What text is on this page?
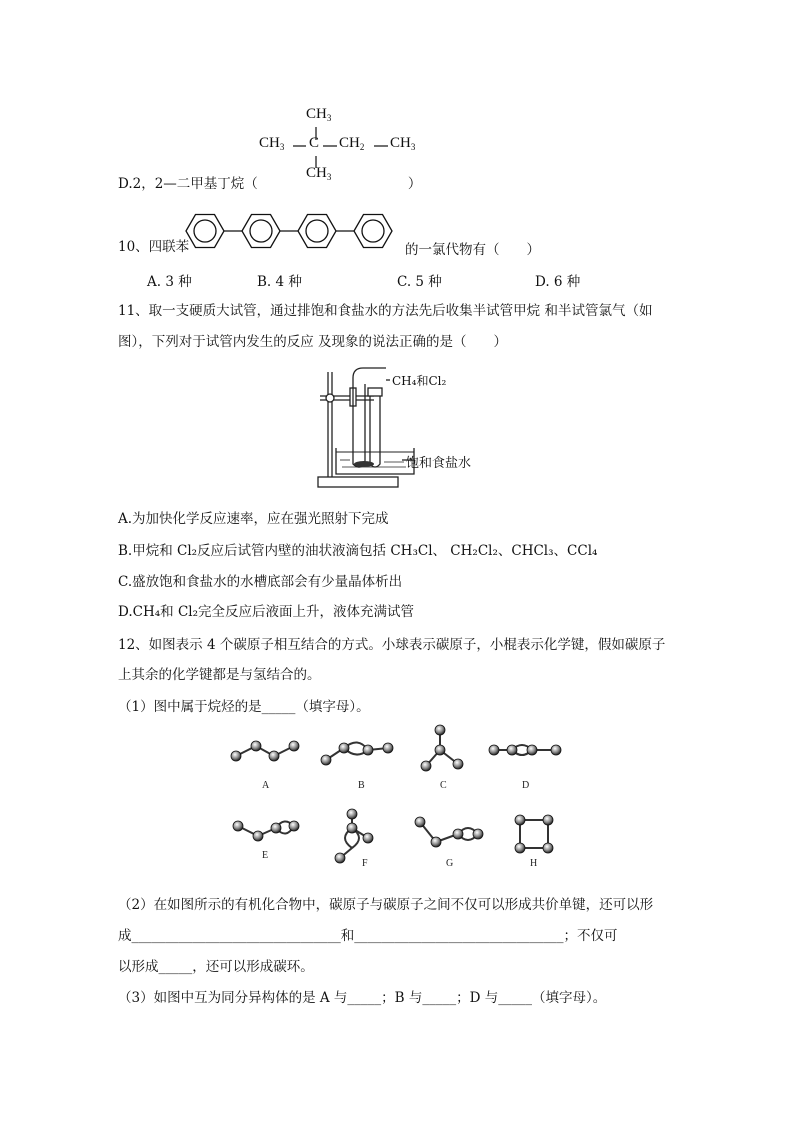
$CH_3$
$CH_3$ C $CH_2$ $CH_3$
$CH_3$
D.2，2—二甲基丁烷（	）
10、四联苯	的一氯代物有（　　）
A. 3 种	B. 4 种	C. 5 种	D. 6 种
11、取一支硬质大试管，通过排饱和食盐水的方法先后收集半试管甲烷 和半试管氯气（如
图），下列对于试管内发生的反应 及现象的说法正确的是（　　）
CH₄和Cl₂
饱和食盐水
A.为加快化学反应速率，应在强光照射下完成
B.甲烷和 Cl₂反应后试管内壁的油状液滴包括 CH₃Cl、 CH₂Cl₂、CHCl₃、CCl₄
C.盛放饱和食盐水的水槽底部会有少量晶体析出
D.CH₄和 Cl₂完全反应后液面上升，液体充满试管
12、如图表示 4 个碳原子相互结合的方式。小球表示碳原子，小棍表示化学键，假如碳原子
上其余的化学键都是与氢结合的。
（1）图中属于烷烃的是_____（填字母）。
A	B	C	D
E
F	G	H
（2）在如图所示的有机化合物中，碳原子与碳原子之间不仅可以形成共价单键，还可以形
成_______________________________和_______________________________；不仅可
以形成_____，还可以形成碳环。
（3）如图中互为同分异构体的是 A 与_____；B 与_____；D 与_____（填字母）。
